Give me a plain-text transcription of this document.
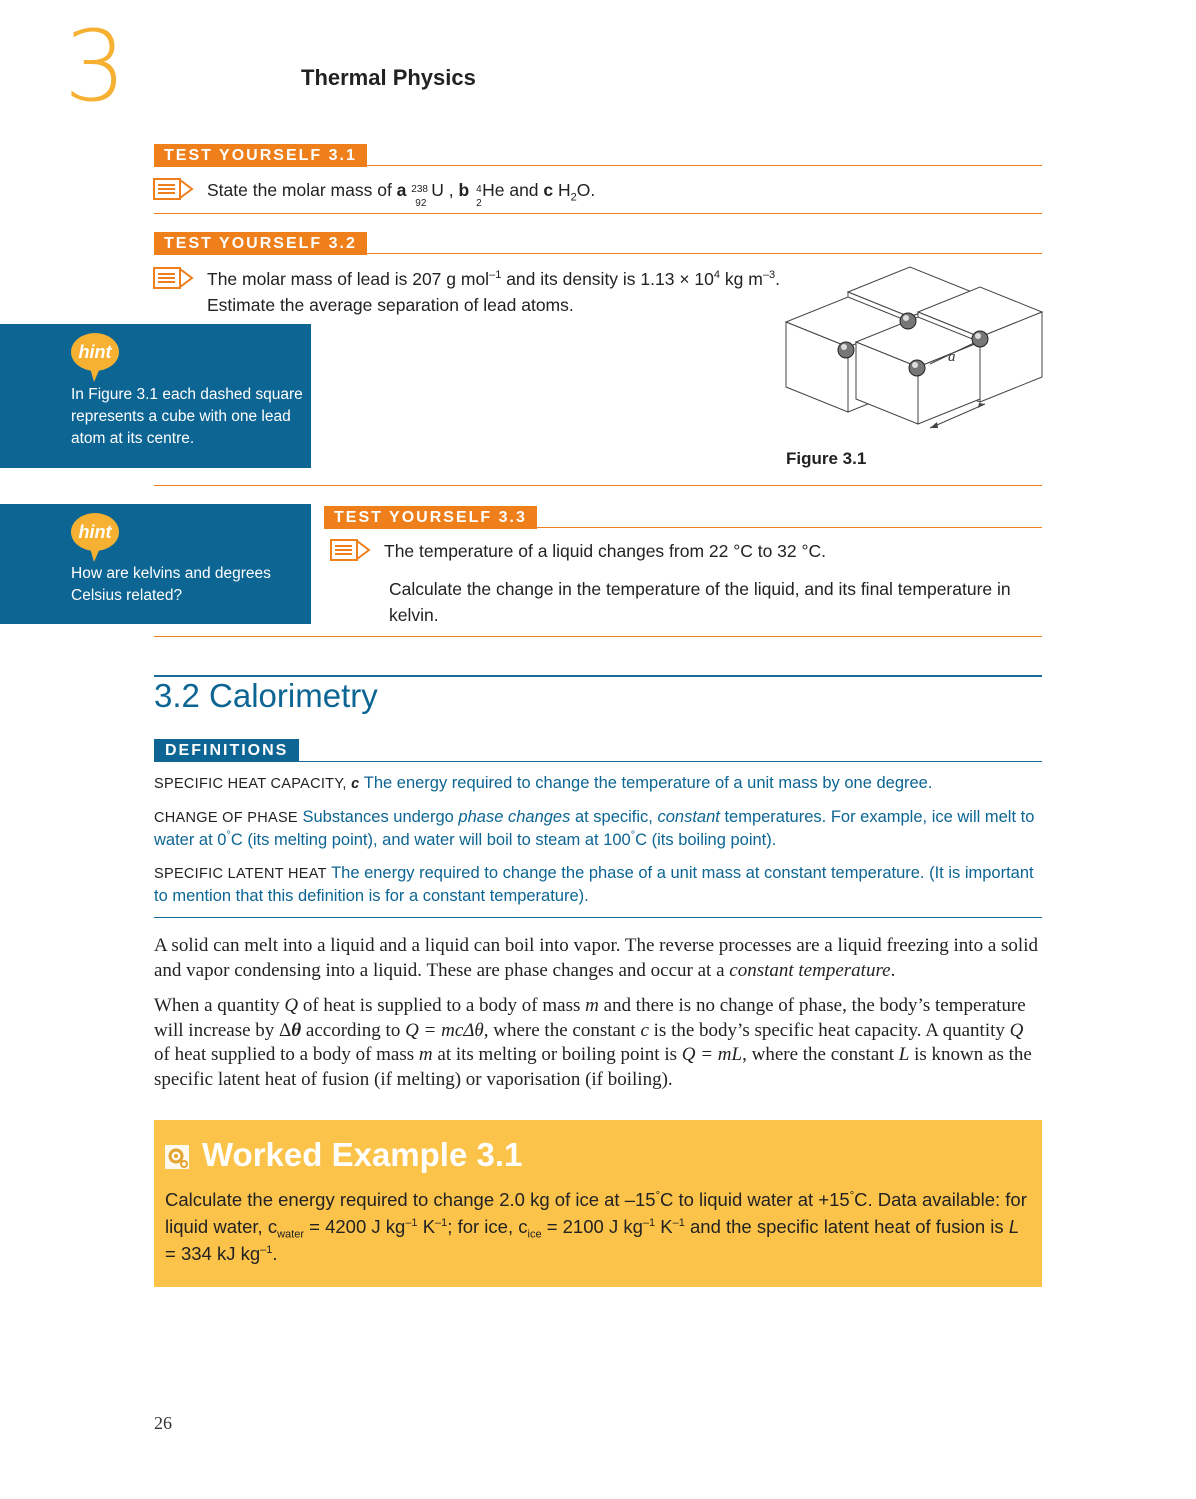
3	Thermal Physics
TEST YOURSELF 3.1
State the molar mass of a 238
92
U , b 4
2
He and c $H_2O$.
TEST YOURSELF 3.2
The molar mass of lead is 207 g mol$^{-1}$ and its density is $1.13 \times 10^4$ kg $m^{-3}$.
Estimate the average separation of lead atoms.
hint
In Figure 3.1 each dashed square represents a cube with one lead atom at its centre.
a
Figure 3.1
hint
How are kelvins and degrees Celsius related?
TEST YOURSELF 3.3
The temperature of a liquid changes from 22 °C to 32 °C.
Calculate the change in the temperature of the liquid, and its final temperature in kelvin.
3.2 Calorimetry
DEFINITIONS
SPECIFIC HEAT CAPACITY, c The energy required to change the temperature of a unit mass by one degree.
CHANGE OF PHASE Substances undergo phase changes at specific, constant temperatures. For example, ice will melt to water at 0°C (its melting point), and water will boil to steam at 100°C (its boiling point).
SPECIFIC LATENT HEAT The energy required to change the phase of a unit mass at constant temperature. (It is important to mention that this definition is for a constant temperature).
A solid can melt into a liquid and a liquid can boil into vapor. The reverse processes are a liquid freezing into a solid and vapor condensing into a liquid. These are phase changes and occur at a constant temperature.
When a quantity Q of heat is supplied to a body of mass m and there is no change of phase, the body’s temperature will increase by Δθ according to Q = mcΔθ, where the constant c is the body’s specific heat capacity. A quantity Q of heat supplied to a body of mass m at its melting or boiling point is Q = mL, where the constant L is known as the specific latent heat of fusion (if melting) or vaporisation (if boiling).
Worked Example 3.1
Calculate the energy required to change 2.0 kg of ice at –15°C to liquid water at +15°C. Data available: for liquid water, $c_{water} = 4200$ J $kg^{-1}$ $K^{-1}$; for ice, $c_{ice} = 2100$ J $kg^{-1}$ $K^{-1}$ and the specific latent heat of fusion is L = 334 kJ $kg^{-1}$.
26
